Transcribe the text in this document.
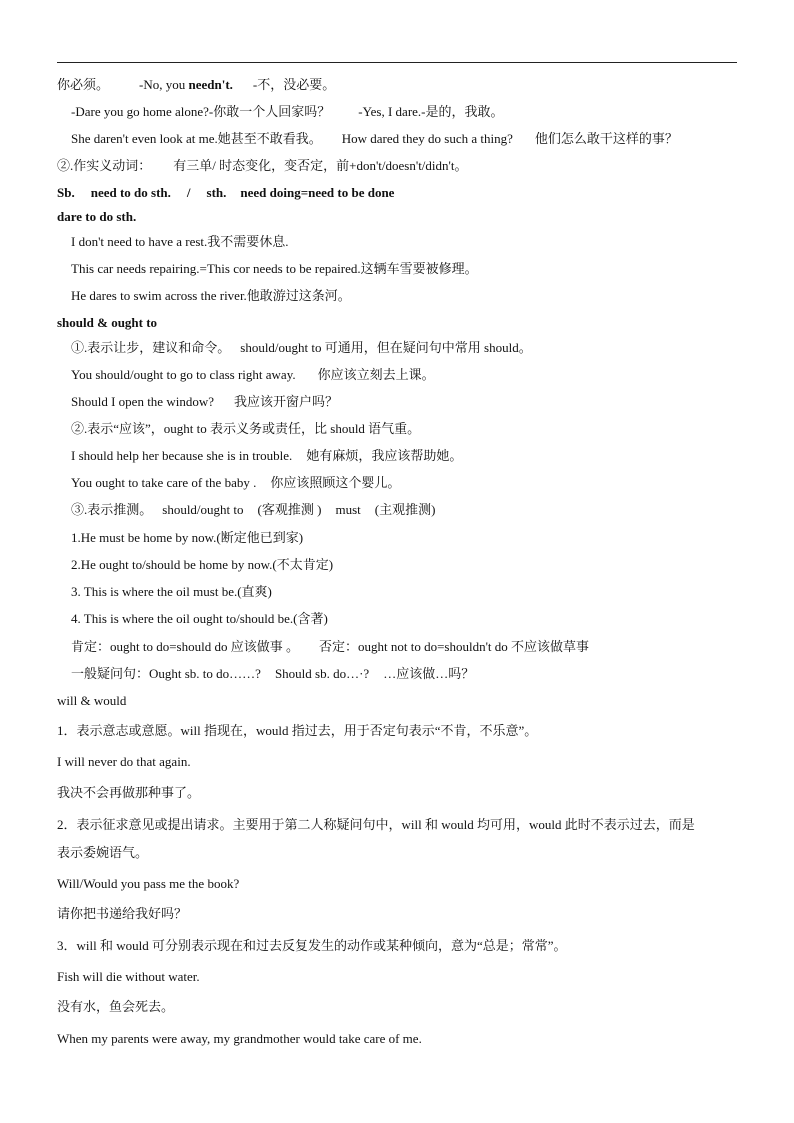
你必须。 -No, you needn't. -不，没必要。

-Dare you go home alone?-你敢一个人回家吗？ -Yes, I dare.-是的，我敢。

She daren't even look at me.她甚至不敢看我。 How dared they do such a thing? 他们怎么敢干这样的事？

②.作实义动词： 有三单/ 时态变化，变否定，前+don't/doesn't/didn't。

Sb. need to do sth. / sth. need doing=need to be done

dare to do sth.

I don't need to have a rest.我不需要休息.

This car needs repairing.=This cor needs to be repaired.这辆车雪要被修理。

He dares to swim across the river.他敢游过这条河。

should & ought to

①.表示让步，建议和命令。 should/ought to 可通用，但在疑问句中常用 should。

You should/ought to go to class right away. 你应该立刻去上课。

Should I open the window? 我应该开窗户吗？

②.表示“应该”，ought to 表示义务或责任，比 should 语气重。

I should help her because she is in trouble. 她有麻烦，我应该帮助她。

You ought to take care of the baby . 你应该照顾这个婴儿。

③.表示推测。 should/ought to (客观推测 ) must (主观推测)

1.He must be home by now.(断定他已到家)

2.He ought to/should be home by now.(不太肯定)

3. This is where the oil must be.(直爽)

4. This is where the oil ought to/should be.(含著)

肯定：ought to do=should do 应该做事 。 否定：ought not to do=shouldn't do 不应该做草事

一般疑问句：Ought sb. to do……? Should sb. do…·? …应该做…吗？

will & would

1．表示意志或意愿。will 指现在，would 指过去，用于否定句表示“不肯，不乐意”。

I will never do that again.

我决不会再做那种事了。

2．表示征求意见或提出请求。主要用于第二人称疑问句中，will 和 would 均可用，would 此时不表示过去，而是

表示委婉语气。

Will/Would you pass me the book?

请你把书递给我好吗？

3．will 和 would 可分别表示现在和过去反复发生的动作或某种倾向，意为“总是；常常”。

Fish will die without water.

没有水，鱼会死去。

When my parents were away, my grandmother would take care of me.
